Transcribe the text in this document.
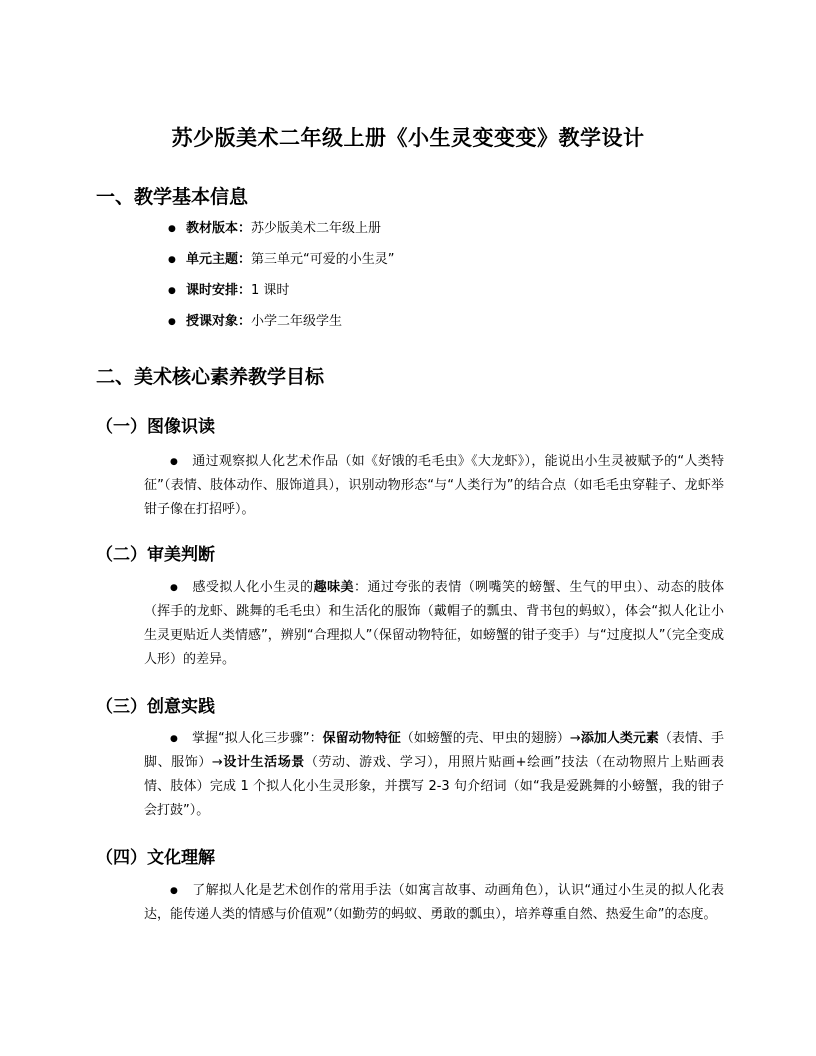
苏少版美术二年级上册《小生灵变变变》教学设计
一、教学基本信息
● 教材版本：苏少版美术二年级上册
● 单元主题：第三单元“可爱的小生灵”
● 课时安排：1 课时
● 授课对象：小学二年级学生
二、美术核心素养教学目标
（一）图像识读

● 通过观察拟人化艺术作品（如《好饿的毛毛虫》《大龙虾》），能说出小生灵被赋予的“人类特征”（表情、肢体动作、服饰道具），识别动物形态“与“人类行为”的结合点（如毛毛虫穿鞋子、龙虾举钳子像在打招呼）。

（二）审美判断

● 感受拟人化小生灵的趣味美：通过夸张的表情（咧嘴笑的螃蟹、生气的甲虫）、动态的肢体（挥手的龙虾、跳舞的毛毛虫）和生活化的服饰（戴帽子的瓢虫、背书包的蚂蚁），体会“拟人化让小生灵更贴近人类情感”，辨别“合理拟人”（保留动物特征，如螃蟹的钳子变手）与“过度拟人”（完全变成人形）的差异。

（三）创意实践

● 掌握“拟人化三步骤”：保留动物特征（如螃蟹的壳、甲虫的翅膀）→添加人类元素（表情、手脚、服饰）→设计生活场景（劳动、游戏、学习），用照片贴画+绘画”技法（在动物照片上贴画表情、肢体）完成 1 个拟人化小生灵形象，并撰写 2-3 句介绍词（如“我是爱跳舞的小螃蟹，我的钳子会打鼓”）。

（四）文化理解

● 了解拟人化是艺术创作的常用手法（如寓言故事、动画角色），认识“通过小生灵的拟人化表达，能传递人类的情感与价值观”（如勤劳的蚂蚁、勇敢的瓢虫），培养尊重自然、热爱生命”的态度。
